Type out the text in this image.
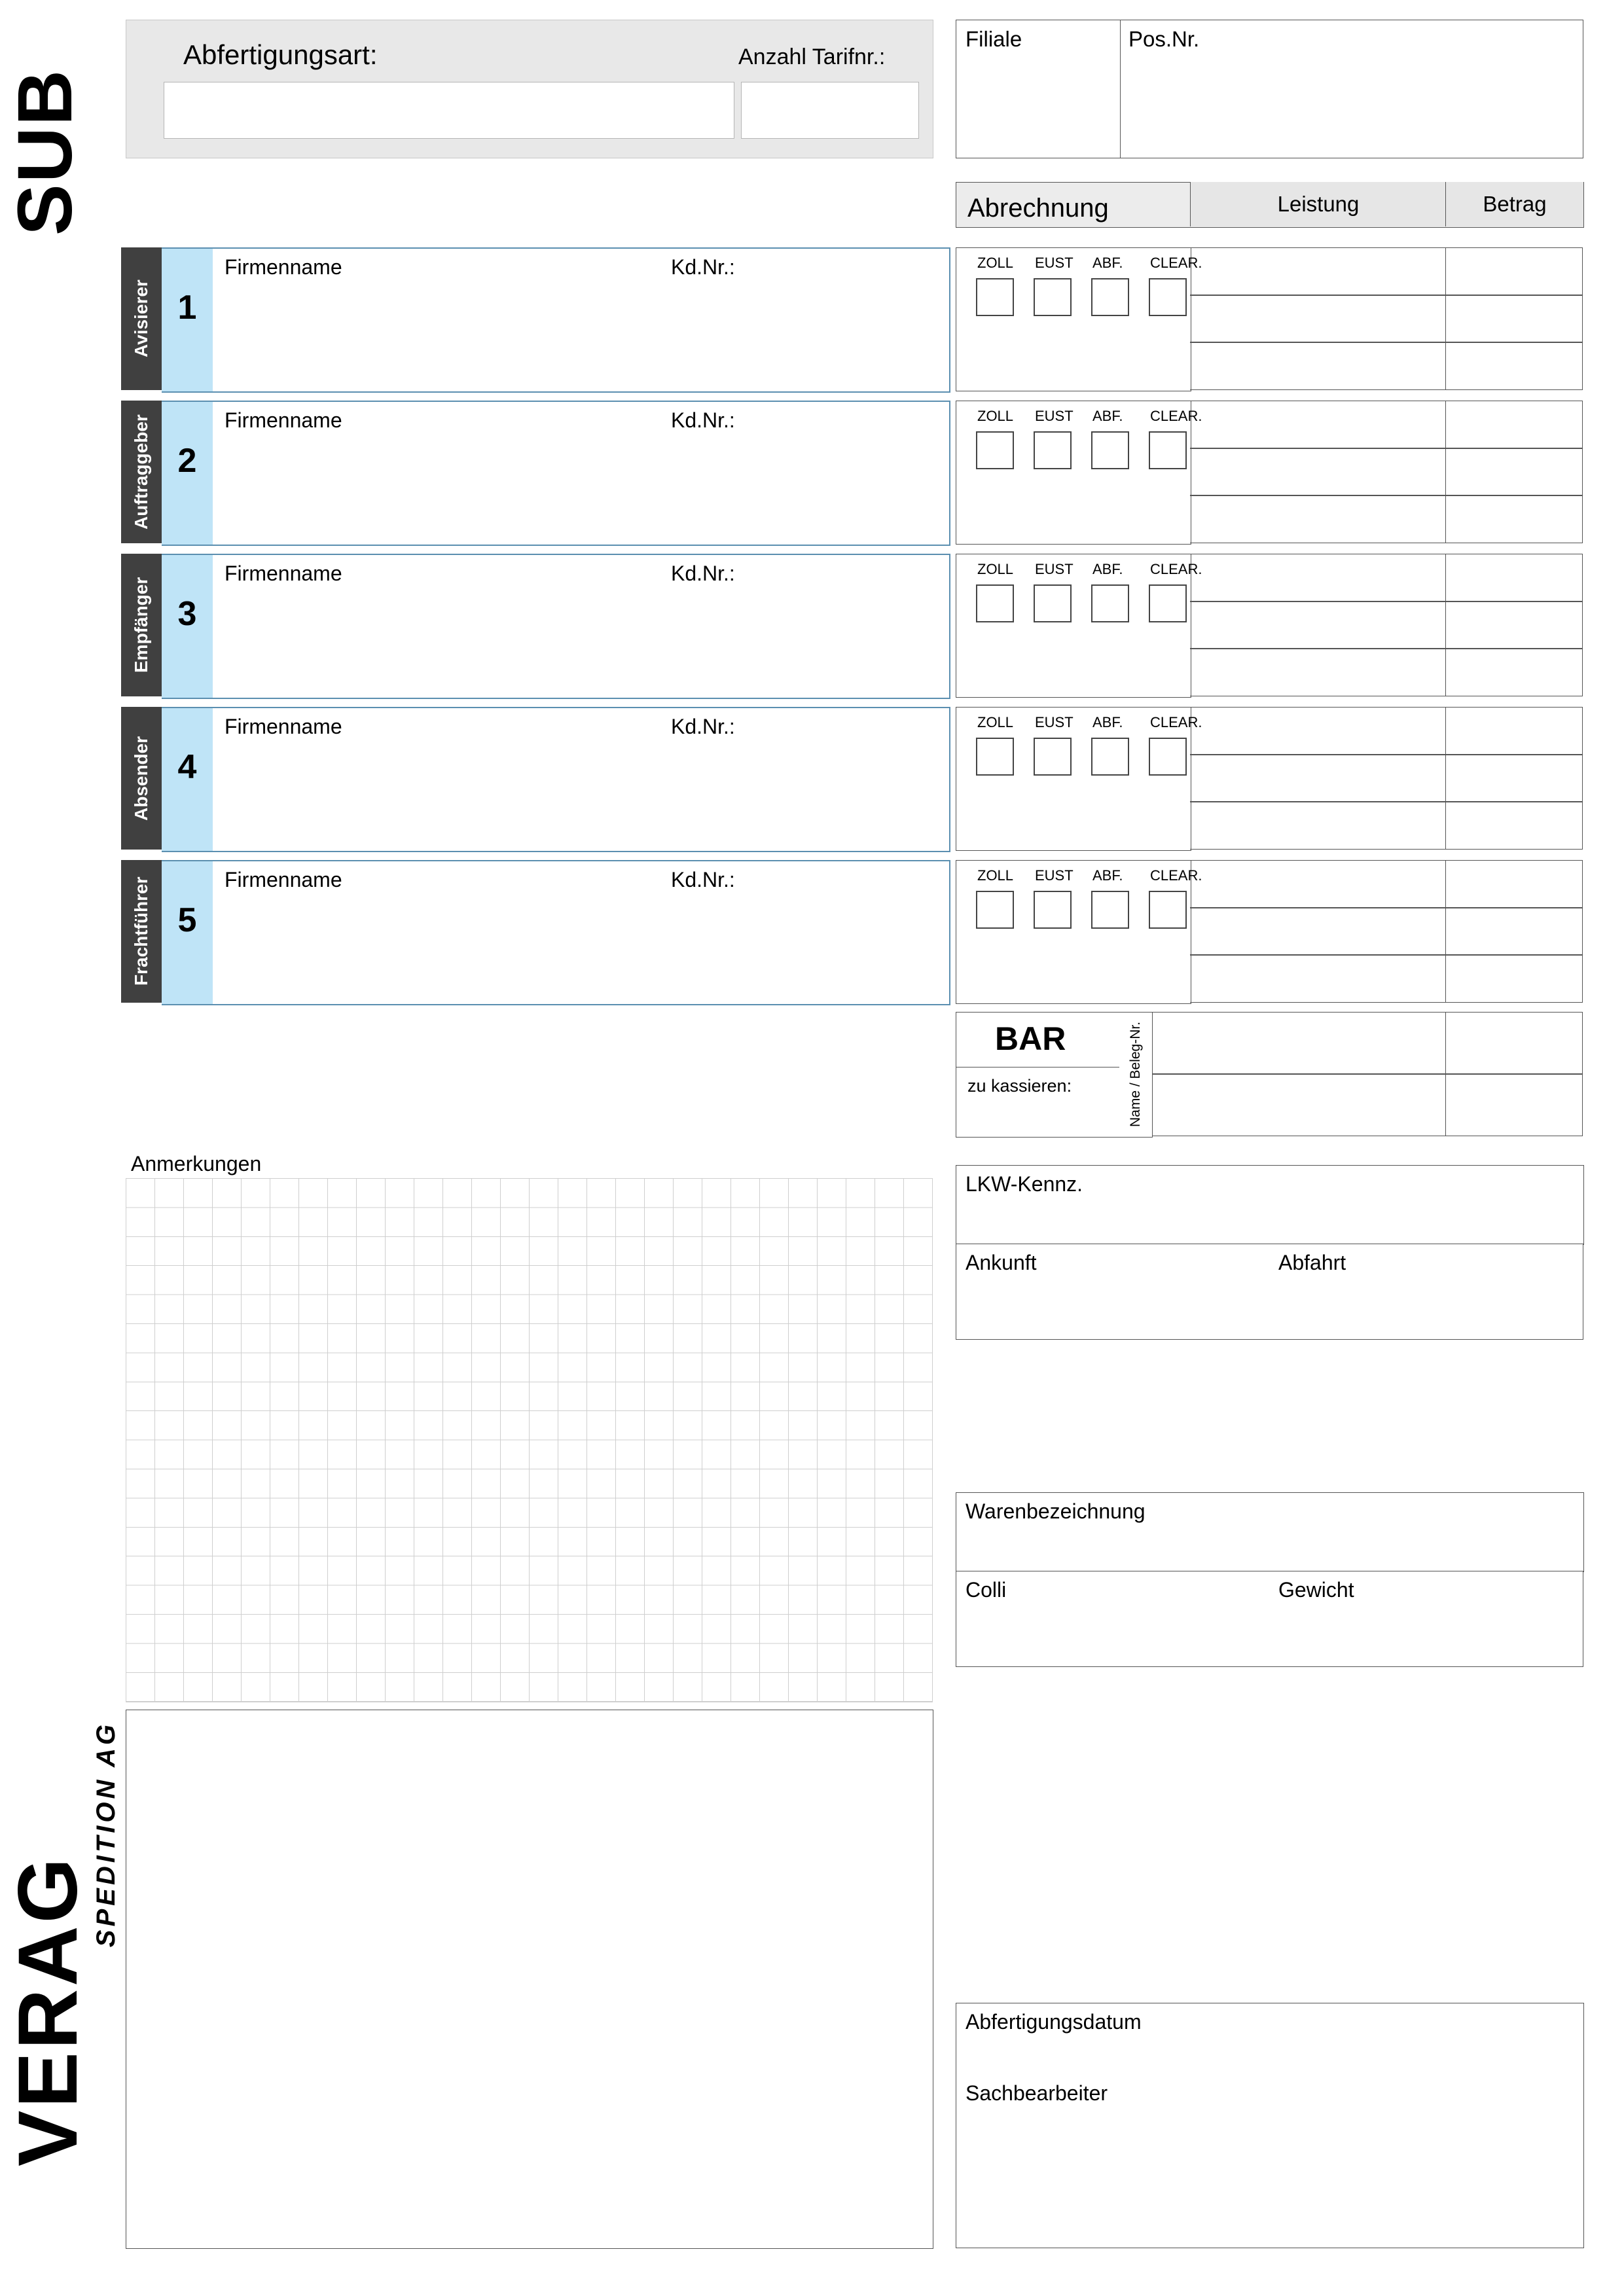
SUB
VERAG
SPEDITION AG
Abfertigungsart:	Anzahl Tarifnr.:
Filiale	Pos.Nr.
Abrechnung	Leistung	Betrag
Avisierer 1
Firmenname	Kd.Nr.:	ZOLL EUST ABF. CLEAR.
Auftraggeber 2
Firmenname	Kd.Nr.:	ZOLL EUST ABF. CLEAR.
Empfänger 3
Firmenname	Kd.Nr.:	ZOLL EUST ABF. CLEAR.
Absender 4
Firmenname	Kd.Nr.:	ZOLL EUST ABF. CLEAR.
Frachtführer 5
Firmenname	Kd.Nr.:	ZOLL EUST ABF. CLEAR.
BAR
zu kassieren:	Name / Beleg-Nr.
Anmerkungen
LKW-Kennz.
Ankunft	Abfahrt
Warenbezeichnung
Colli	Gewicht
Abfertigungsdatum
Sachbearbeiter
